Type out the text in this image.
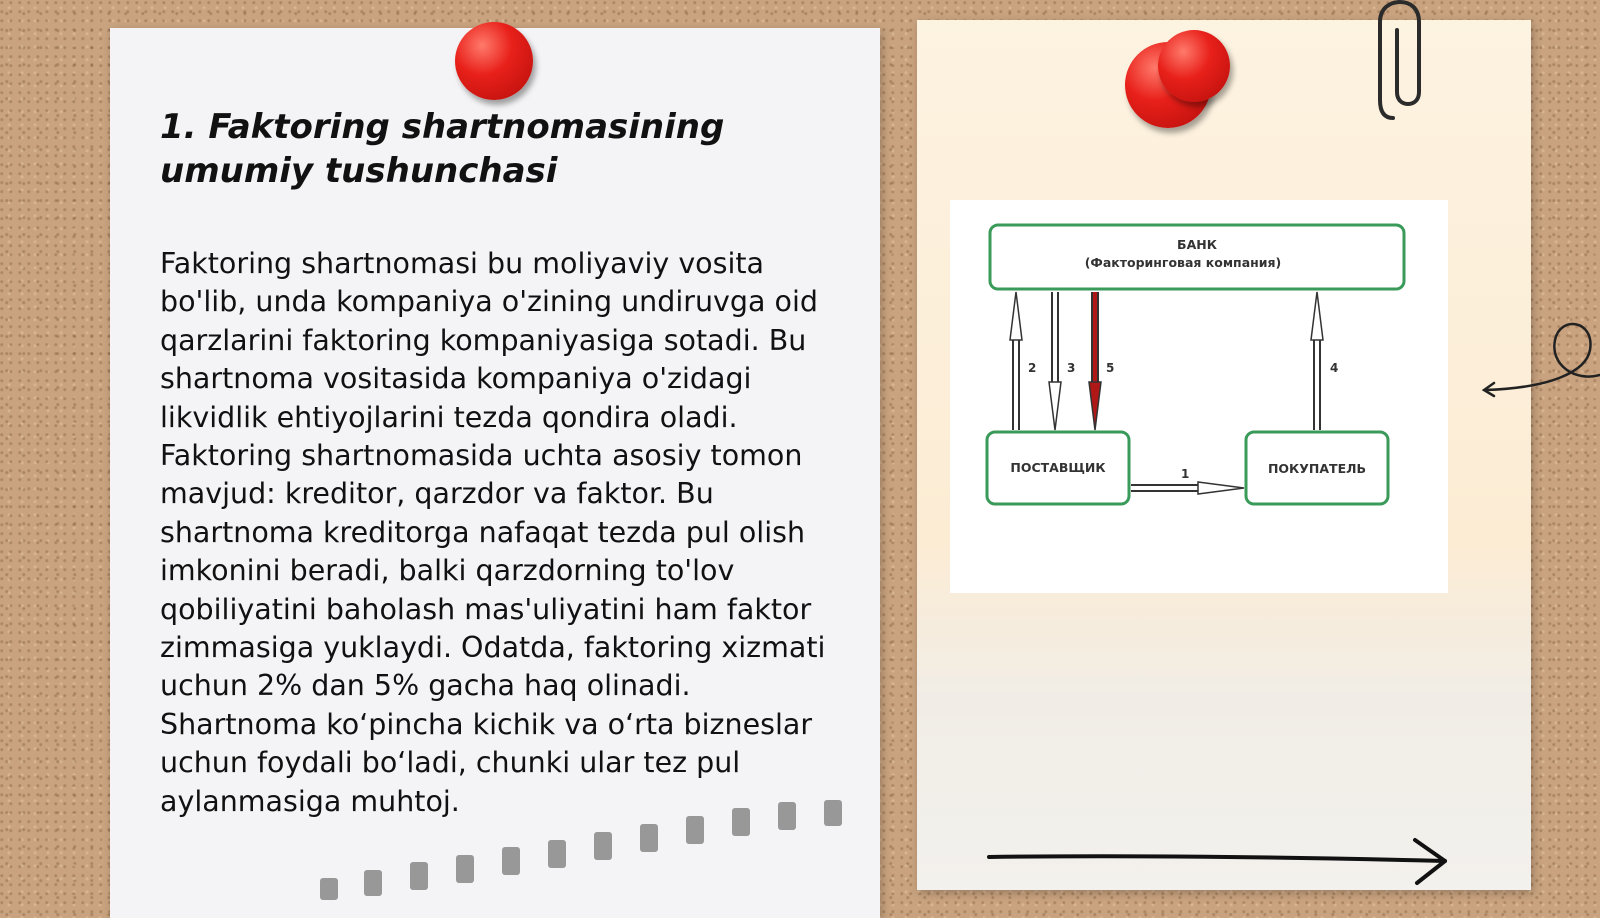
1. Faktoring shartnomasining umumiy tushunchasi

Faktoring shartnomasi bu moliyaviy vosita bo'lib, unda kompaniya o'zining undiruvga oid qarzlarini faktoring kompaniyasiga sotadi. Bu shartnoma vositasida kompaniya o'zidagi likvidlik ehtiyojlarini tezda qondira oladi. Faktoring shartnomasida uchta asosiy tomon mavjud: kreditor, qarzdor va faktor. Bu shartnoma kreditorga nafaqat tezda pul olish imkonini beradi, balki qarzdorning to'lov qobiliyatini baholash mas'uliyatini ham faktor zimmasiga yuklaydi. Odatda, faktoring xizmati uchun 2% dan 5% gacha haq olinadi. Shartnoma ko‘pincha kichik va o‘rta bizneslar uchun foydali bo‘ladi, chunki ular tez pul aylanmasiga muhtoj.

БАНК
(Факторинговая компания)
ПОСТАВЩИК	ПОКУПАТЕЛЬ
2	3	5	4
1
